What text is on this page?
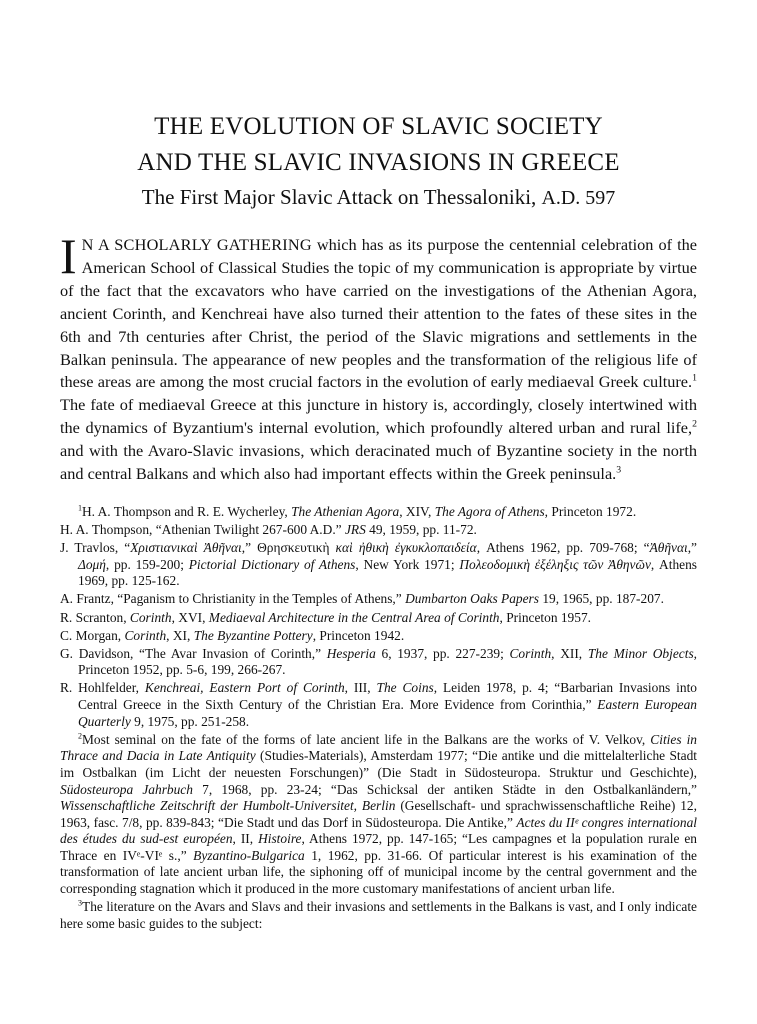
THE EVOLUTION OF SLAVIC SOCIETY
AND THE SLAVIC INVASIONS IN GREECE
The First Major Slavic Attack on Thessaloniki, A.D. 597

I N A SCHOLARLY GATHERING which has as its purpose the centennial celebration of the American School of Classical Studies the topic of my communication is appropriate by virtue of the fact that the excavators who have carried on the investigations of the Athenian Agora, ancient Corinth, and Kenchreai have also turned their attention to the fates of these sites in the 6th and 7th centuries after Christ, the period of the Slavic migrations and settlements in the Balkan peninsula. The appearance of new peoples and the transformation of the religious life of these areas are among the most crucial factors in the evolution of early mediaeval Greek culture.$^1$ The fate of mediaeval Greece at this juncture in history is, accordingly, closely intertwined with the dynamics of Byzantium's internal evolution, which profoundly altered urban and rural life,$^2$ and with the Avaro-Slavic invasions, which deracinated much of Byzantine society in the north and central Balkans and which also had important effects within the Greek peninsula.$^3$

$^1$H. A. Thompson and R. E. Wycherley, The Athenian Agora, XIV, The Agora of Athens, Princeton 1972.

H. A. Thompson, “Athenian Twilight 267-600 A.D.” JRS 49, 1959, pp. 11-72.

J. Travlos, “Χριστιανικαὶ Ἀθῆναι,” Θρησκευτικὴ καὶ ἠθικὴ ἐγκυκλοπαιδεία, Athens 1962, pp. 709-768; “Ἀθῆναι,” Δομή, pp. 159-200; Pictorial Dictionary of Athens, New York 1971; Πολεοδομικὴ ἐξέληξις τῶν Ἀθηνῶν, Athens 1969, pp. 125-162.

A. Frantz, “Paganism to Christianity in the Temples of Athens,” Dumbarton Oaks Papers 19, 1965, pp. 187-207.

R. Scranton, Corinth, XVI, Mediaeval Architecture in the Central Area of Corinth, Princeton 1957.

C. Morgan, Corinth, XI, The Byzantine Pottery, Princeton 1942.

G. Davidson, “The Avar Invasion of Corinth,” Hesperia 6, 1937, pp. 227-239; Corinth, XII, The Minor Objects, Princeton 1952, pp. 5-6, 199, 266-267.

R. Hohlfelder, Kenchreai, Eastern Port of Corinth, III, The Coins, Leiden 1978, p. 4; “Barbarian Invasions into Central Greece in the Sixth Century of the Christian Era. More Evidence from Corinthia,” Eastern European Quarterly 9, 1975, pp. 251-258.

$^2$Most seminal on the fate of the forms of late ancient life in the Balkans are the works of V. Velkov, Cities in Thrace and Dacia in Late Antiquity (Studies-Materials), Amsterdam 1977; “Die antike und die mittelalterliche Stadt im Ostbalkan (im Licht der neuesten Forschungen)” (Die Stadt in Südosteuropa. Struktur und Geschichte), Südosteuropa Jahrbuch 7, 1968, pp. 23-24; “Das Schicksal der antiken Städte in den Ostbalkanländern,” Wissenschaftliche Zeitschrift der Humbolt-Universitet, Berlin (Gesellschaft- und sprachwissenschaftliche Reihe) 12, 1963, fasc. 7/8, pp. 839-843; “Die Stadt und das Dorf in Südosteuropa. Die Antike,” Actes du IIᵉ congres international des études du sud-est européen, II, Histoire, Athens 1972, pp. 147-165; “Les campagnes et la population rurale en Thrace en IVᵉ-VIᵉ s.,” Byzantino-Bulgarica 1, 1962, pp. 31-66. Of particular interest is his examination of the transformation of late ancient urban life, the siphoning off of municipal income by the central government and the corresponding stagnation which it produced in the more customary manifestations of ancient urban life.

$^3$The literature on the Avars and Slavs and their invasions and settlements in the Balkans is vast, and I only indicate here some basic guides to the subject:
